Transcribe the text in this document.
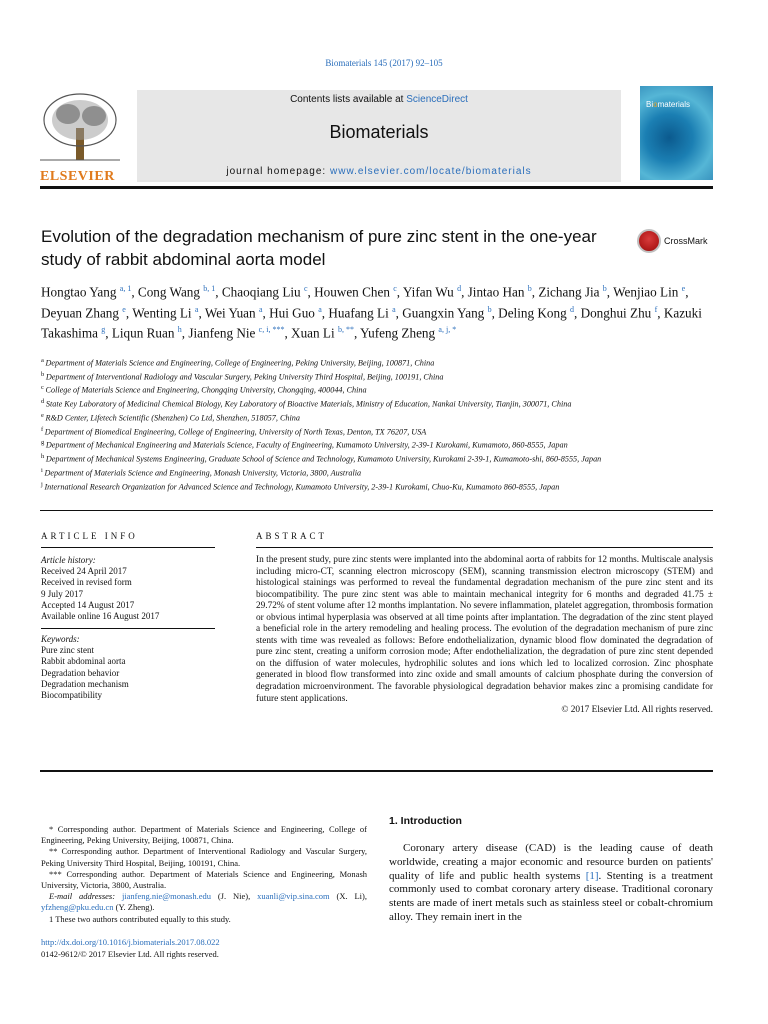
Biomaterials 145 (2017) 92–105
ELSEVIER
Contents lists available at ScienceDirect
Biomaterials
journal homepage: www.elsevier.com/locate/biomaterials
Biomaterials
Evolution of the degradation mechanism of pure zinc stent in the one-year study of rabbit abdominal aorta model
CrossMark
Hongtao Yang $^{a, 1}$, Cong Wang $^{b, 1}$, Chaoqiang Liu $^c$, Houwen Chen $^c$, Yifan Wu $^d$, Jintao Han $^b$, Zichang Jia $^b$, Wenjiao Lin $^e$, Deyuan Zhang $^e$, Wenting Li $^a$, Wei Yuan $^a$, Hui Guo $^a$, Huafang Li $^a$, Guangxin Yang $^b$, Deling Kong $^d$, Donghui Zhu $^f$, Kazuki Takashima $^g$, Liqun Ruan $^h$, Jianfeng Nie $^{c, i, ***}$, Xuan Li $^{b, **}$, Yufeng Zheng $^{a, j, *}$
$^a$ Department of Materials Science and Engineering, College of Engineering, Peking University, Beijing, 100871, China
$^b$ Department of Interventional Radiology and Vascular Surgery, Peking University Third Hospital, Beijing, 100191, China
$^c$ College of Materials Science and Engineering, Chongqing University, Chongqing, 400044, China
$^d$ State Key Laboratory of Medicinal Chemical Biology, Key Laboratory of Bioactive Materials, Ministry of Education, Nankai University, Tianjin, 300071, China
$^e$ R&D Center, Lifetech Scientific (Shenzhen) Co Ltd, Shenzhen, 518057, China
$^f$ Department of Biomedical Engineering, College of Engineering, University of North Texas, Denton, TX 76207, USA
$^g$ Department of Mechanical Engineering and Materials Science, Faculty of Engineering, Kumamoto University, 2-39-1 Kurokami, Kumamoto, 860-8555, Japan
$^h$ Department of Mechanical Systems Engineering, Graduate School of Science and Technology, Kumamoto University, Kurokami 2-39-1, Kumamoto-shi, 860-8555, Japan
$^i$ Department of Materials Science and Engineering, Monash University, Victoria, 3800, Australia
$^j$ International Research Organization for Advanced Science and Technology, Kumamoto University, 2-39-1 Kurokami, Chuo-Ku, Kumamoto 860-8555, Japan
ARTICLE INFO
Article history:
Received 24 April 2017
Received in revised form
9 July 2017
Accepted 14 August 2017
Available online 16 August 2017
Keywords:
Pure zinc stent
Rabbit abdominal aorta
Degradation behavior
Degradation mechanism
Biocompatibility
ABSTRACT
In the present study, pure zinc stents were implanted into the abdominal aorta of rabbits for 12 months. Multiscale analysis including micro-CT, scanning electron microscopy (SEM), scanning transmission electron microscopy (STEM) and histological stainings was performed to reveal the fundamental degradation mechanism of the pure zinc stent and its biocompatibility. The pure zinc stent was able to maintain mechanical integrity for 6 months and degraded 41.75 ± 29.72% of stent volume after 12 months implantation. No severe inflammation, platelet aggregation, thrombosis formation or obvious intimal hyperplasia was observed at all time points after implantation. The degradation of the zinc stent played a beneficial role in the artery remodeling and healing process. The evolution of the degradation mechanism of pure zinc stents with time was revealed as follows: Before endothelialization, dynamic blood flow dominated the degradation of pure zinc stent, creating a uniform corrosion mode; After endothelialization, the degradation of pure zinc stent depended on the diffusion of water molecules, hydrophilic solutes and ions which led to localized corrosion. Zinc phosphate generated in blood flow transformed into zinc oxide and small amounts of calcium phosphate during the conversion of degradation microenvironment. The favorable physiological degradation behavior makes zinc a promising candidate for future stent applications.
© 2017 Elsevier Ltd. All rights reserved.

* Corresponding author. Department of Materials Science and Engineering, College of Engineering, Peking University, Beijing, 100871, China.

** Corresponding author. Department of Interventional Radiology and Vascular Surgery, Peking University Third Hospital, Beijing, 100191, China.

*** Corresponding author. Department of Materials Science and Engineering, Monash University, Victoria, 3800, Australia.

E-mail addresses: jianfeng.nie@monash.edu (J. Nie), xuanli@vip.sina.com (X. Li), yfzheng@pku.edu.cn (Y. Zheng).

1 These two authors contributed equally to this study.

http://dx.doi.org/10.1016/j.biomaterials.2017.08.022
0142-9612/© 2017 Elsevier Ltd. All rights reserved.
1. Introduction
Coronary artery disease (CAD) is the leading cause of death worldwide, creating a major economic and resource burden on patients' quality of life and public health systems [1]. Stenting is a treatment commonly used to combat coronary artery disease. Traditional coronary stents are made of inert metals such as stainless steel or cobalt-chromium alloy. They remain inert in the
